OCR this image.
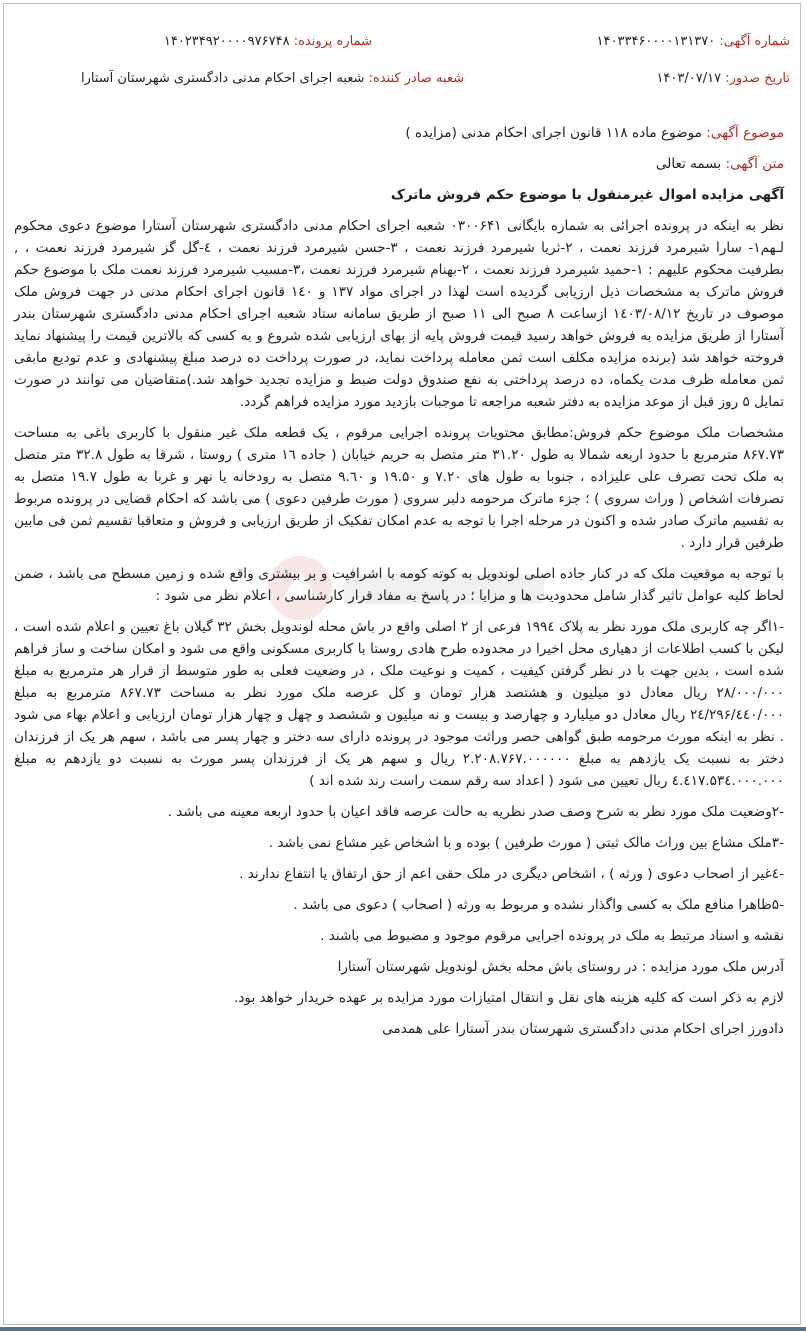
شماره آگهی: ۱۴۰۳۳۴۶۰۰۰۰۱۳۱۳۷۰
شماره پرونده: ۱۴۰۲۳۴۹۲۰۰۰۰۹۷۶۷۴۸
تاریخ صدور: ۱۴۰۳/۰۷/۱۷
شعبه صادر کننده: شعبه اجرای احکام مدنی دادگستری شهرستان آستارا

موضوع آگهی: موضوع ماده ۱۱۸ قانون اجرای احکام مدنی (مزایده )

متن آگهی: بسمه تعالی

آگهی مزایده اموال غیرمنقول با موضوع حکم فروش ماترک

نظر به اینکه در پرونده اجرائی به شماره بایگانی ۰۳۰۰۶۴۱ شعبه اجرای احکام مدنی دادگستری شهرستان آستارا موضوع دعوی محکوم لـهم۱- سارا شیرمرد فرزند نعمت ، ۲-ثریا شیرمرد فرزند نعمت ، ۳-حسن شیرمرد فرزند نعمت ، ٤-گل گز شیرمرد فرزند نعمت ، , بطرفیت محکوم علیهم : ۱-حمید شیرمرد فرزند نعمت ، ۲-بهنام شیرمرد فرزند نعمت ،۳-مسیب شیرمرد فرزند نعمت ملک با موضوع حکم فروش ماترک به مشخصات ذیل ارزیابی گردیده است لهذا در اجرای مواد ۱۳۷ و ۱٤۰ قانون اجرای احکام مدنی در جهت فروش ملک موصوف در تاریخ ۱٤۰۳/۰۸/۱۲ ازساعت ۸ صبح الی ۱۱ صبح از طریق سامانه ستاد شعبه اجرای احکام مدنی دادگستری شهرستان بندر آستارا از طریق مزایده به فروش خواهد رسید قیمت فروش پایه از بهای ارزیابی شده شروع و به کسی که بالاترین قیمت را پیشنهاد نماید فروخته خواهد شد (برنده مزایده مکلف است ثمن معامله پرداخت نماید، در صورت پرداخت ده درصد مبلغ پیشنهادی و عدم تودیع مابقی ثمن معامله ظرف مدت یکماه، ده درصد پرداختی به نفع صندوق دولت ضبط و مزایده تجدید خواهد شد.)متقاضیان می توانند در صورت تمایل ۵ روز قبل از موعد مزایده به دفتر شعبه مراجعه تا موجبات بازدید مورد مزایده فراهم گردد.

مشخصات ملک موضوع حکم فروش:مطابق محتویات پرونده اجرایی مرقوم ، یک قطعه ملک غیر منقول با کاربری باغی به مساحت ۸۶۷.۷۳ مترمربع با حدود اربعه شمالا به طول ۳۱.۲۰ متر متصل به حریم خیابان ( جاده ۱٦ متری ) روستا ، شرقا به طول ۳۲.۸ متر متصل به ملک تحت تصرف علی علیزاده ، جنوبا به طول های ۷.۲۰ و ۱۹.۵۰ و ۹.٦۰ متصل به رودخانه یا نهر و غربا به طول ۱۹.۷ متصل به تصرفات اشخاص ( وراث سروی ) ؛ جزء ماترک مرحومه دلبر سروی ( مورث طرفین دعوی ) می باشد که احکام قضایی در پرونده مربوط به تقسیم ماترک صادر شده و اکنون در مرحله اجرا با توجه به عدم امکان تفکیک از طریق ارزیابی و فروش و متعاقبا تقسیم ثمن فی مابین طرفین قرار دارد .

با توجه به موقعیت ملک که در کنار جاده اصلی لوندویل به کوته کومه با اشرافیت و بر بیشتری واقع شده و زمین مسطح می باشد ، ضمن لحاظ کلیه عوامل تاثیر گذار شامل محدودیت ها و مزایا ؛ در پاسخ به مفاد قرار کارشناسی ، اعلام نظر می شود :

-۱اگر چه کاربری ملک مورد نظر به پلاک ۱۹۹٤ فرعی از ۲ اصلی واقع در باش محله لوندویل بخش ۳۲ گیلان باغ تعیین و اعلام شده است ، لیکن با کسب اطلاعات از دهیاری محل اخیرا در محدوده طرح هادی روستا با کاربری مسکونی واقع می شود و امکان ساخت و ساز فراهم شده است ، بدین جهت با در نظر گرفتن کیفیت ، کمیت و نوعیت ملک ، در وضعیت فعلی به طور متوسط از قرار هر مترمربع به مبلغ ۲۸/۰۰۰/۰۰۰ ریال معادل دو میلیون و هشتصد هزار تومان و کل عرصه ملک مورد نظر به مساحت ۸۶۷.۷۳ مترمربع به مبلغ ۲٤/۲۹۶/٤٤۰/۰۰۰ ریال معادل دو میلیارد و چهارصد و بیست و نه میلیون و ششصد و چهل و چهار هزار تومان ارزیابی و اعلام بهاء می شود . نظر به اینکه مورث مرحومه طبق گواهی حصر وراثت موجود در پرونده دارای سه دختر و چهار پسر می باشد ، سهم هر یک از فرزندان دختر به نسبت یک یازدهم به مبلغ ۲.۲۰۸.۷۶۷.۰۰۰۰۰۰ ریال و سهم هر یک از فرزندان پسر مورث به نسبت دو یازدهم به مبلغ ٤.٤۱۷.۵۳٤.۰۰۰.۰۰۰ ریال تعیین می شود ( اعداد سه رقم سمت راست رند شده اند )

-۲وضعیت ملک مورد نظر به شرح وصف صدر نظریه به حالت عرصه فاقد اعیان با حدود اربعه معینه می باشد .

-۳ملک مشاع بین وراث مالک ثبتی ( مورث طرفین ) بوده و با اشخاص غیر مشاع نمی باشد .

-٤غیر از اصحاب دعوی ( ورثه ) ، اشخاص دیگری در ملک حقی اعم از حق ارتفاق یا انتفاع ندارند .

-۵ظاهرا منافع ملک به کسی واگذار نشده و مربوط به ورثه ( اصحاب ) دعوی می باشد .

نقشه و اسناد مرتبط به ملک در پرونده اجرایی مرقوم موجود و مضبوط می باشند .

آدرس ملک مورد مزایده : در روستای باش محله بخش لوندویل شهرستان آستارا

لازم به ذکر است که کلیه هزینه های نقل و انتقال امتیازات مورد مزایده بر عهده خریدار خواهد بود.

دادورز اجرای احکام مدنی دادگستری شهرستان بندر آستارا علی همدمی
